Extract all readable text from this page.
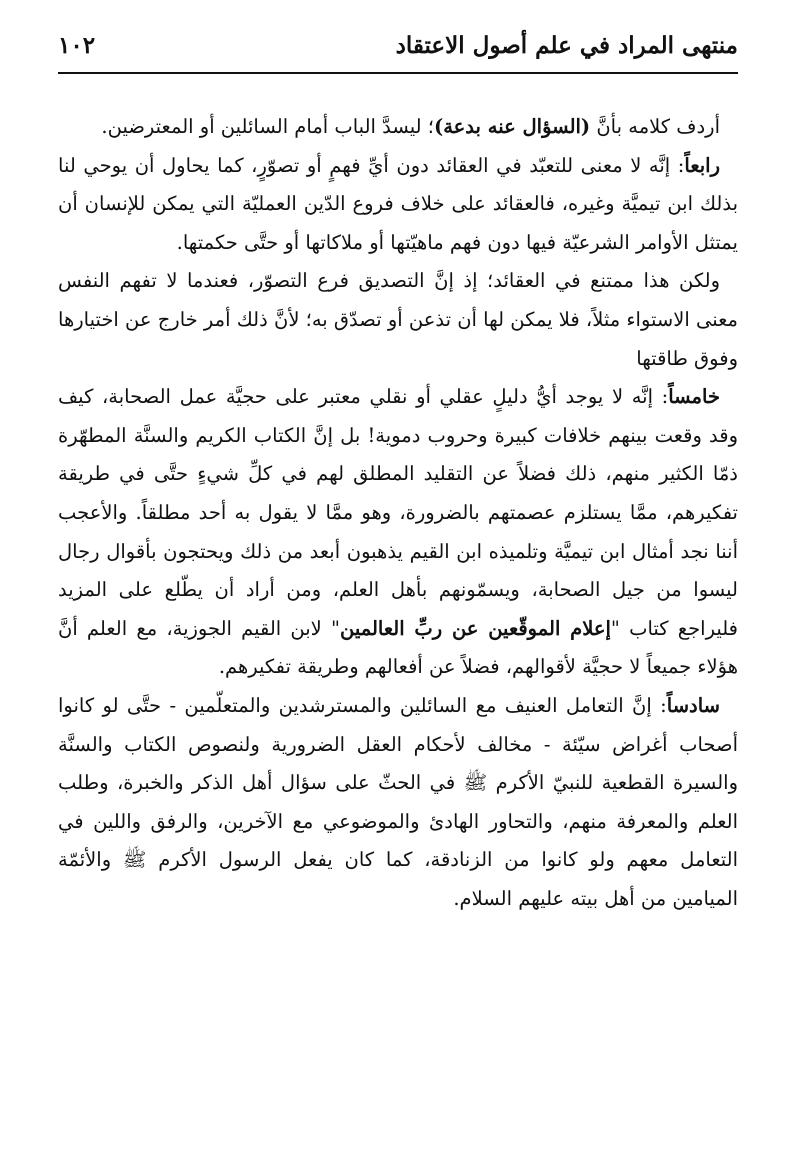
منتهى المراد في علم أصول الاعتقاد
١٠٢

أردف كلامه بأنَّ (السؤال عنه بدعة)؛ ليسدَّ الباب أمام السائلين أو المعترضين.

رابعاً: إنَّه لا معنى للتعبّد في العقائد دون أيِّ فهمٍ أو تصوّرٍ، كما يحاول أن يوحي لنا بذلك ابن تيميَّة وغيره، فالعقائد على خلاف فروع الدّين العمليّة التي يمكن للإنسان أن يمتثل الأوامر الشرعيّة فيها دون فهم ماهيّتها أو ملاكاتها أو حتَّى حكمتها.

ولكن هذا ممتنع في العقائد؛ إذ إنَّ التصديق فرع التصوّر، فعندما لا تفهم النفس معنى الاستواء مثلاً، فلا يمكن لها أن تذعن أو تصدّق به؛ لأنَّ ذلك أمر خارج عن اختيارها وفوق طاقتها

خامساً: إنَّه لا يوجد أيُّ دليلٍ عقلي أو نقلي معتبر على حجيَّة عمل الصحابة، كيف وقد وقعت بينهم خلافات كبيرة وحروب دموية! بل إنَّ الكتاب الكريم والسنَّة المطهّرة ذمّا الكثير منهم، ذلك فضلاً عن التقليد المطلق لهم في كلِّ شيءٍ حتَّى في طريقة تفكيرهم، ممَّا يستلزم عصمتهم بالضرورة، وهو ممَّا لا يقول به أحد مطلقاً. والأعجب أننا نجد أمثال ابن تيميَّة وتلميذه ابن القيم يذهبون أبعد من ذلك ويحتجون بأقوال رجال ليسوا من جيل الصحابة، ويسمّونهم بأهل العلم، ومن أراد أن يطّلع على المزيد فليراجع كتاب "إعلام الموقّعين عن ربِّ العالمين" لابن القيم الجوزية، مع العلم أنَّ هؤلاء جميعاً لا حجيَّة لأقوالهم، فضلاً عن أفعالهم وطريقة تفكيرهم.

سادساً: إنَّ التعامل العنيف مع السائلين والمسترشدين والمتعلّمين - حتَّى لو كانوا أصحاب أغراض سيّئة - مخالف لأحكام العقل الضرورية ولنصوص الكتاب والسنَّة والسيرة القطعية للنبيّ الأكرم ﷺ في الحثّ على سؤال أهل الذكر والخبرة، وطلب العلم والمعرفة منهم، والتحاور الهادئ والموضوعي مع الآخرين، والرفق واللين في التعامل معهم ولو كانوا من الزنادقة، كما كان يفعل الرسول الأكرم ﷺ والأئمّة الميامين من أهل بيته عليهم السلام.
